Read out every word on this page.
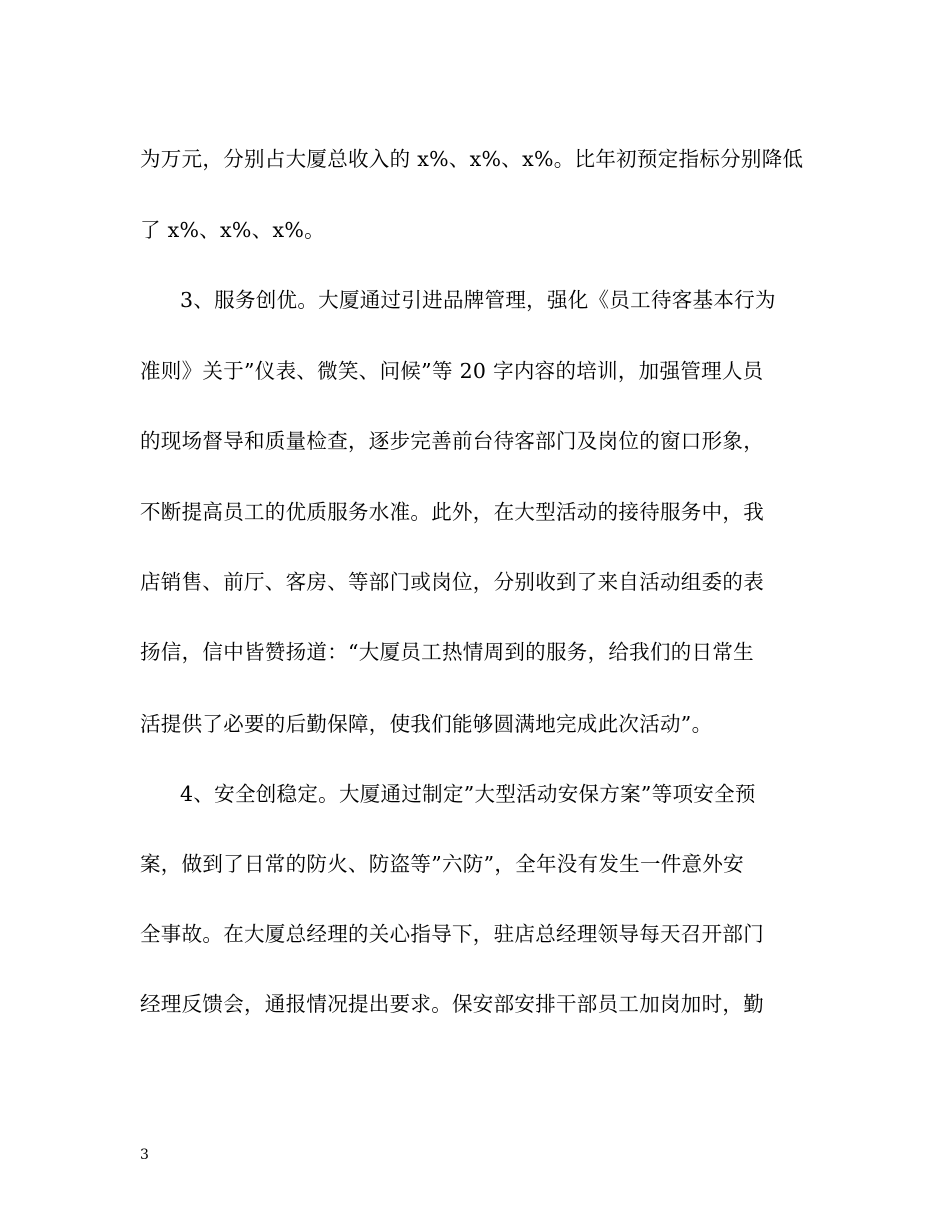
为万元，分别占大厦总收入的 x%、x%、x%。比年初预定指标分别降低
了 x%、x%、x%。
3、服务创优。大厦通过引进品牌管理，强化《员工待客基本行为
准则》关于”仪表、微笑、问候”等 20 字内容的培训，加强管理人员
的现场督导和质量检查，逐步完善前台待客部门及岗位的窗口形象，
不断提高员工的优质服务水准。此外，在大型活动的接待服务中，我
店销售、前厅、客房、等部门或岗位，分别收到了来自活动组委的表
扬信，信中皆赞扬道：“大厦员工热情周到的服务，给我们的日常生
活提供了必要的后勤保障，使我们能够圆满地完成此次活动”。
4、安全创稳定。大厦通过制定”大型活动安保方案”等项安全预
案，做到了日常的防火、防盗等”六防”，全年没有发生一件意外安
全事故。在大厦总经理的关心指导下，驻店总经理领导每天召开部门
经理反馈会，通报情况提出要求。保安部安排干部员工加岗加时，勤
3
